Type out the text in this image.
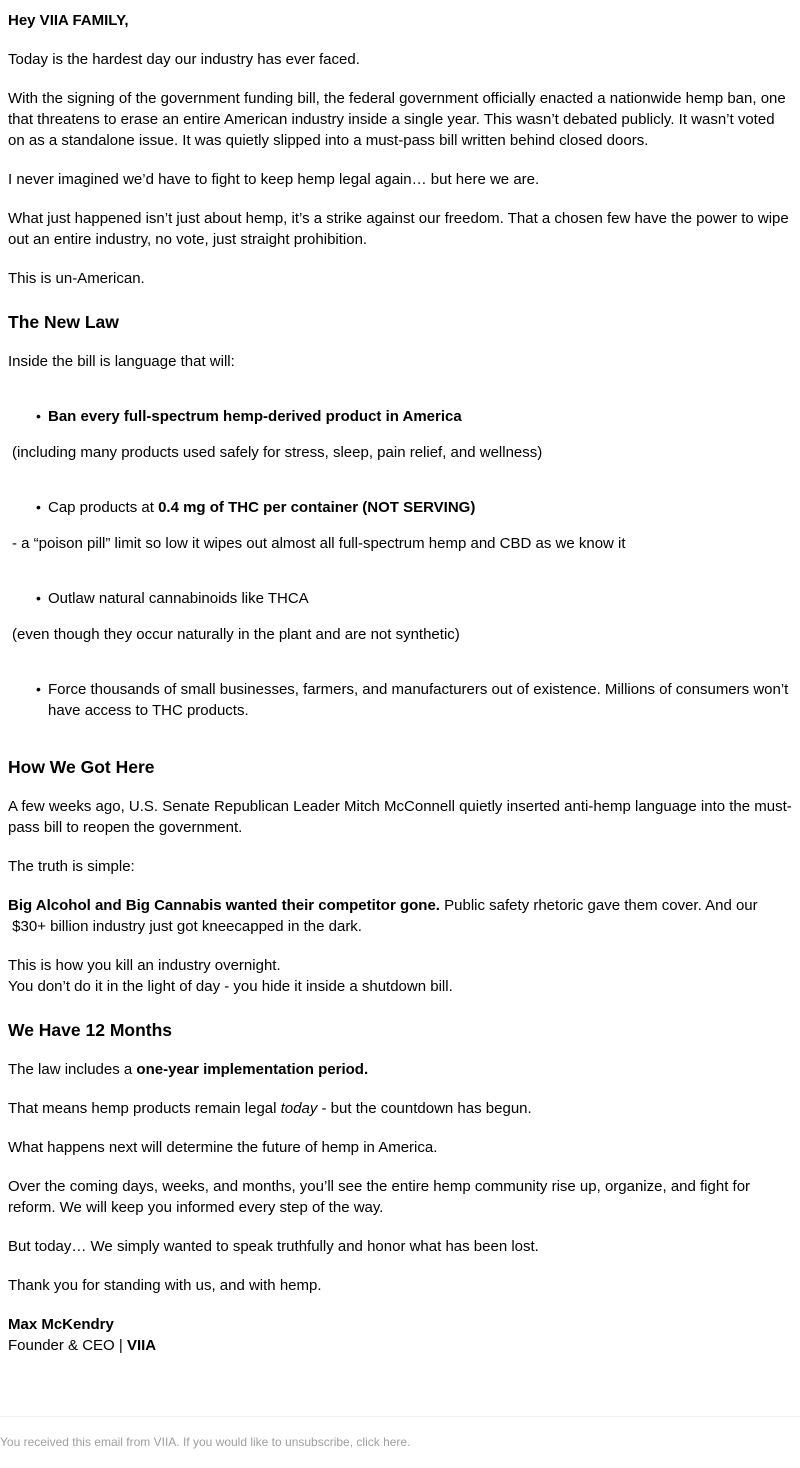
Hey VIIA FAMILY,

Today is the hardest day our industry has ever faced.

With the signing of the government funding bill, the federal government officially enacted a nationwide hemp ban, one that threatens to erase an entire American industry inside a single year. This wasn’t debated publicly. It wasn’t voted on as a standalone issue. It was quietly slipped into a must-pass bill written behind closed doors.

I never imagined we’d have to fight to keep hemp legal again… but here we are.

What just happened isn’t just about hemp, it’s a strike against our freedom. That a chosen few have the power to wipe out an entire industry, no vote, just straight prohibition.

This is un-American.

The New Law

Inside the bill is language that will:

• Ban every full-spectrum hemp-derived product in America

(including many products used safely for stress, sleep, pain relief, and wellness)

• Cap products at 0.4 mg of THC per container (NOT SERVING)

- a “poison pill” limit so low it wipes out almost all full-spectrum hemp and CBD as we know it

• Outlaw natural cannabinoids like THCA

(even though they occur naturally in the plant and are not synthetic)

• Force thousands of small businesses, farmers, and manufacturers out of existence. Millions of consumers won’t have access to THC products.
How We Got Here

A few weeks ago, U.S. Senate Republican Leader Mitch McConnell quietly inserted anti-hemp language into the must-pass bill to reopen the government.

The truth is simple:

Big Alcohol and Big Cannabis wanted their competitor gone. Public safety rhetoric gave them cover. And our  $30+ billion industry just got kneecapped in the dark.

This is how you kill an industry overnight.
You don’t do it in the light of day - you hide it inside a shutdown bill.

We Have 12 Months

The law includes a one-year implementation period.

That means hemp products remain legal today - but the countdown has begun.

What happens next will determine the future of hemp in America.

Over the coming days, weeks, and months, you’ll see the entire hemp community rise up, organize, and fight for reform. We will keep you informed every step of the way.

But today… We simply wanted to speak truthfully and honor what has been lost.

Thank you for standing with us, and with hemp.

Max McKendry
Founder & CEO | VIIA

You received this email from VIIA. If you would like to unsubscribe, click here.
